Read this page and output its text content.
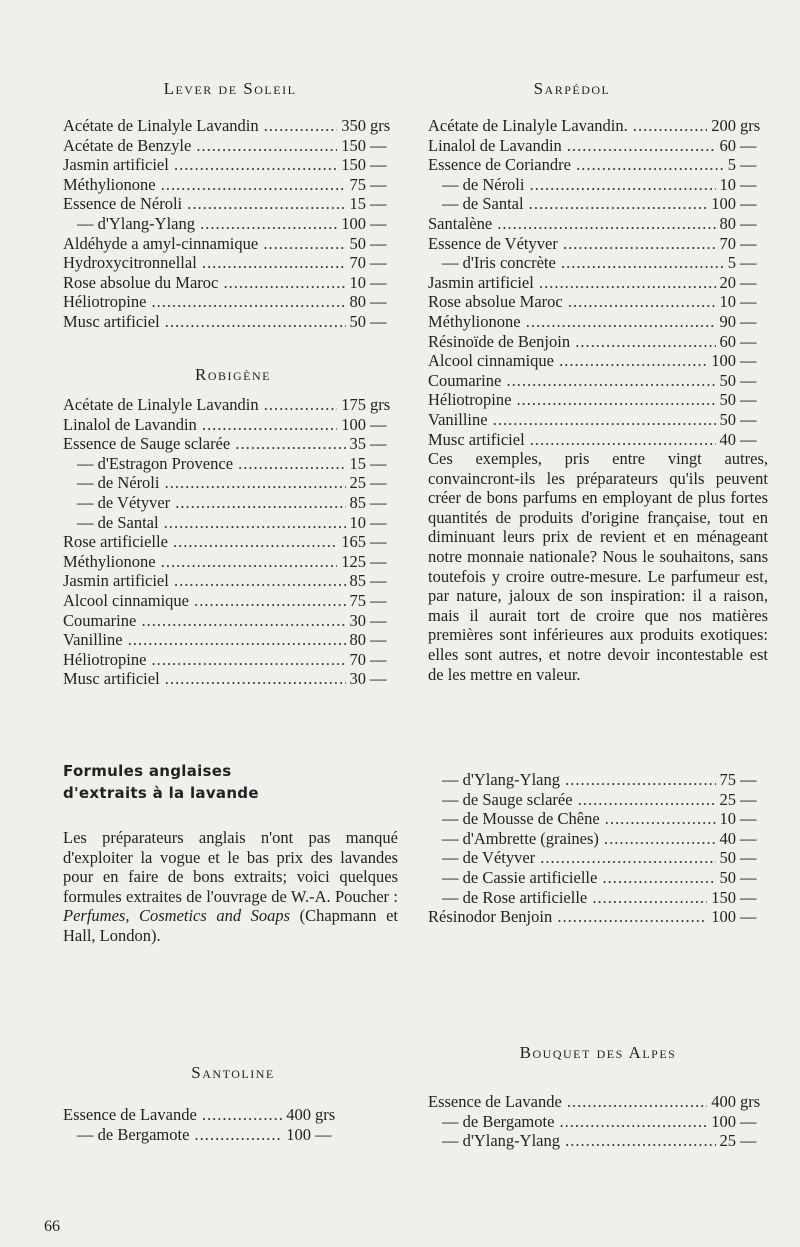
Lever de Soleil	Sarpédol
Acétate de Linalyle Lavandin .....	350 grs
Acétate de Benzyle .....	150 —
Jasmin artificiel .....	150 —
Méthylionone .....	75 —
Essence de Néroli .....	15 —
— d'Ylang-Ylang .....	100 —
Aldéhyde a amyl-cinnamique .....	50 —
Hydroxycitronnellal .....	70 —
Rose absolue du Maroc .....	10 —
Héliotropine .....	80 —
Musc artificiel .....	50 —
Robigène
Acétate de Linalyle Lavandin .....	175 grs
Linalol de Lavandin .....	100 —
Essence de Sauge sclarée .....	35 —
— d'Estragon Provence .....	15 —
— de Néroli .....	25 —
— de Vétyver .....	85 —
— de Santal .....	10 —
Rose artificielle .....	165 —
Méthylionone .....	125 —
Jasmin artificiel .....	85 —
Alcool cinnamique .....	75 —
Coumarine .....	30 —
Vanilline .....	80 —
Héliotropine .....	70 —
Musc artificiel .....	30 —
Acétate de Linalyle Lavandin. .....	200 grs
Linalol de Lavandin .....	60 —
Essence de Coriandre .....	5 —
— de Néroli .....	10 —
— de Santal .....	100 —
Santalène .....	80 —
Essence de Vétyver .....	70 —
— d'Iris concrète .....	5 —
Jasmin artificiel .....	20 —
Rose absolue Maroc .....	10 —
Méthylionone .....	90 —
Résinoïde de Benjoin .....	60 —
Alcool cinnamique .....	100 —
Coumarine .....	50 —
Héliotropine .....	50 —
Vanilline .....	50 —
Musc artificiel .....	40 —
Ces exemples, pris entre vingt autres, convaincront-ils les préparateurs qu'ils peuvent créer de bons parfums en employant de plus fortes quantités de produits d'origine française, tout en diminuant leurs prix de revient et en ménageant notre monnaie nationale? Nous le souhaitons, sans toutefois y croire outre-mesure. Le parfumeur est, par nature, jaloux de son inspiration: il a raison, mais il aurait tort de croire que nos matières premières sont inférieures aux produits exotiques: elles sont autres, et notre devoir incontestable est de les mettre en valeur.
Formules anglaises
d'extraits à la lavande
Les préparateurs anglais n'ont pas manqué d'exploiter la vogue et le bas prix des lavandes pour en faire de bons extraits; voici quelques formules extraites de l'ouvrage de W.-A. Poucher : Perfumes, Cosmetics and Soaps (Chapmann et Hall, London).
— d'Ylang-Ylang .....	75 —
— de Sauge sclarée .....	25 —
— de Mousse de Chêne .....	10 —
— d'Ambrette (graines) .....	40 —
— de Vétyver .....	50 —
— de Cassie artificielle .....	50 —
— de Rose artificielle .....	150 —
Résinodor Benjoin .....	100 —
Santoline
Essence de Lavande .....	400 grs
— de Bergamote .....	100 —
Bouquet des Alpes
Essence de Lavande .....	400 grs
— de Bergamote .....	100 —
— d'Ylang-Ylang .....	25 —
66
